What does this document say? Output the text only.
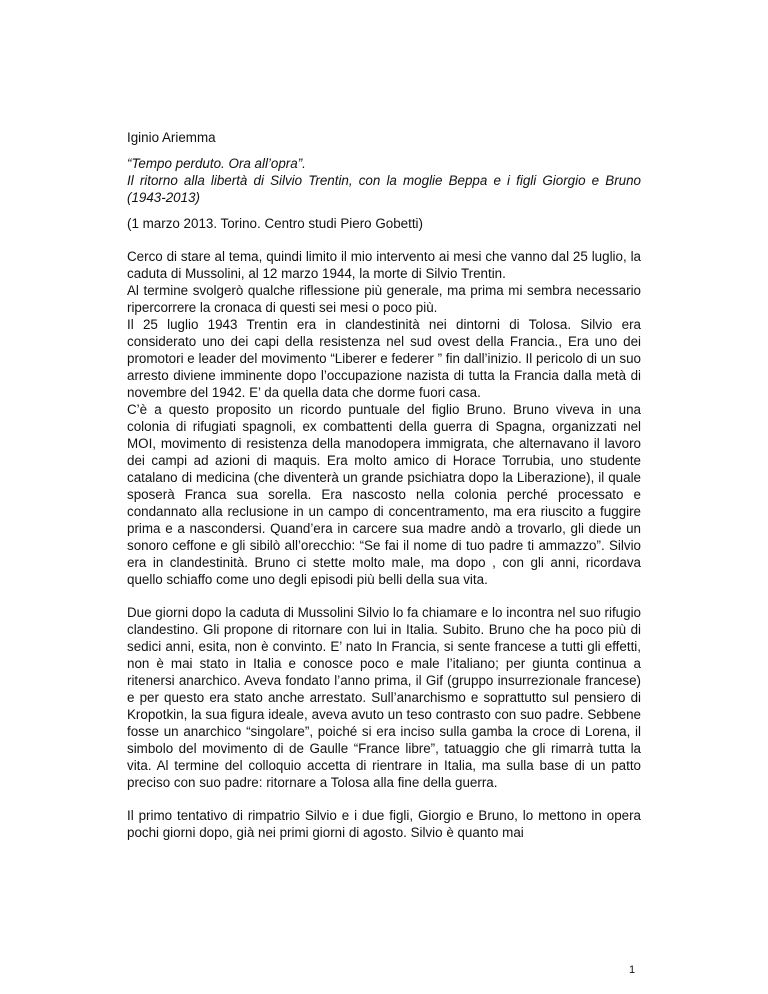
Iginio Ariemma

“Tempo perduto. Ora all’opra”.
Il ritorno alla libertà di Silvio Trentin, con la moglie Beppa e i figli Giorgio e Bruno (1943-2013)

(1 marzo 2013. Torino. Centro studi Piero Gobetti)

Cerco di stare al tema, quindi limito il mio intervento ai mesi che vanno dal 25 luglio, la caduta di Mussolini, al 12 marzo 1944, la morte di Silvio Trentin.

Al termine svolgerò qualche riflessione più generale, ma prima mi sembra necessario ripercorrere la cronaca di questi sei mesi o poco più.

Il 25 luglio 1943 Trentin era in clandestinità nei dintorni di Tolosa. Silvio era considerato uno dei capi della resistenza nel sud ovest della Francia., Era uno dei promotori e leader del movimento “Liberer e federer ” fin dall’inizio. Il pericolo di un suo arresto diviene imminente dopo l’occupazione nazista di tutta la Francia dalla metà di novembre del 1942. E’ da quella data che dorme fuori casa.

C’è a questo proposito un ricordo puntuale del figlio Bruno. Bruno viveva in una colonia di rifugiati spagnoli, ex combattenti della guerra di Spagna, organizzati nel MOI, movimento di resistenza della manodopera immigrata, che alternavano il lavoro dei campi ad azioni di maquis. Era molto amico di Horace Torrubia, uno studente catalano di medicina (che diventerà un grande psichiatra dopo la Liberazione), il quale sposerà Franca sua sorella. Era nascosto nella colonia perché processato e condannato alla reclusione in un campo di concentramento, ma era riuscito a fuggire prima e a nascondersi. Quand’era in carcere sua madre andò a trovarlo, gli diede un sonoro ceffone e gli sibilò all’orecchio: “Se fai il nome di tuo padre ti ammazzo”. Silvio era in clandestinità. Bruno ci stette molto male, ma dopo , con gli anni, ricordava quello schiaffo come uno degli episodi più belli della sua vita.

Due giorni dopo la caduta di Mussolini Silvio lo fa chiamare e lo incontra nel suo rifugio clandestino. Gli propone di ritornare con lui in Italia. Subito. Bruno che ha poco più di sedici anni, esita, non è convinto. E’ nato In Francia, si sente francese a tutti gli effetti, non è mai stato in Italia e conosce poco e male l’italiano; per giunta continua a ritenersi anarchico. Aveva fondato l’anno prima, il Gif (gruppo insurrezionale francese) e per questo era stato anche arrestato. Sull’anarchismo e soprattutto sul pensiero di Kropotkin, la sua figura ideale, aveva avuto un teso contrasto con suo padre. Sebbene fosse un anarchico “singolare”, poiché si era inciso sulla gamba la croce di Lorena, il simbolo del movimento di de Gaulle “France libre”, tatuaggio che gli rimarrà tutta la vita. Al termine del colloquio accetta di rientrare in Italia, ma sulla base di un patto preciso con suo padre: ritornare a Tolosa alla fine della guerra.

Il primo tentativo di rimpatrio Silvio e i due figli, Giorgio e Bruno, lo mettono in opera pochi giorni dopo, già nei primi giorni di agosto. Silvio è quanto mai

1
